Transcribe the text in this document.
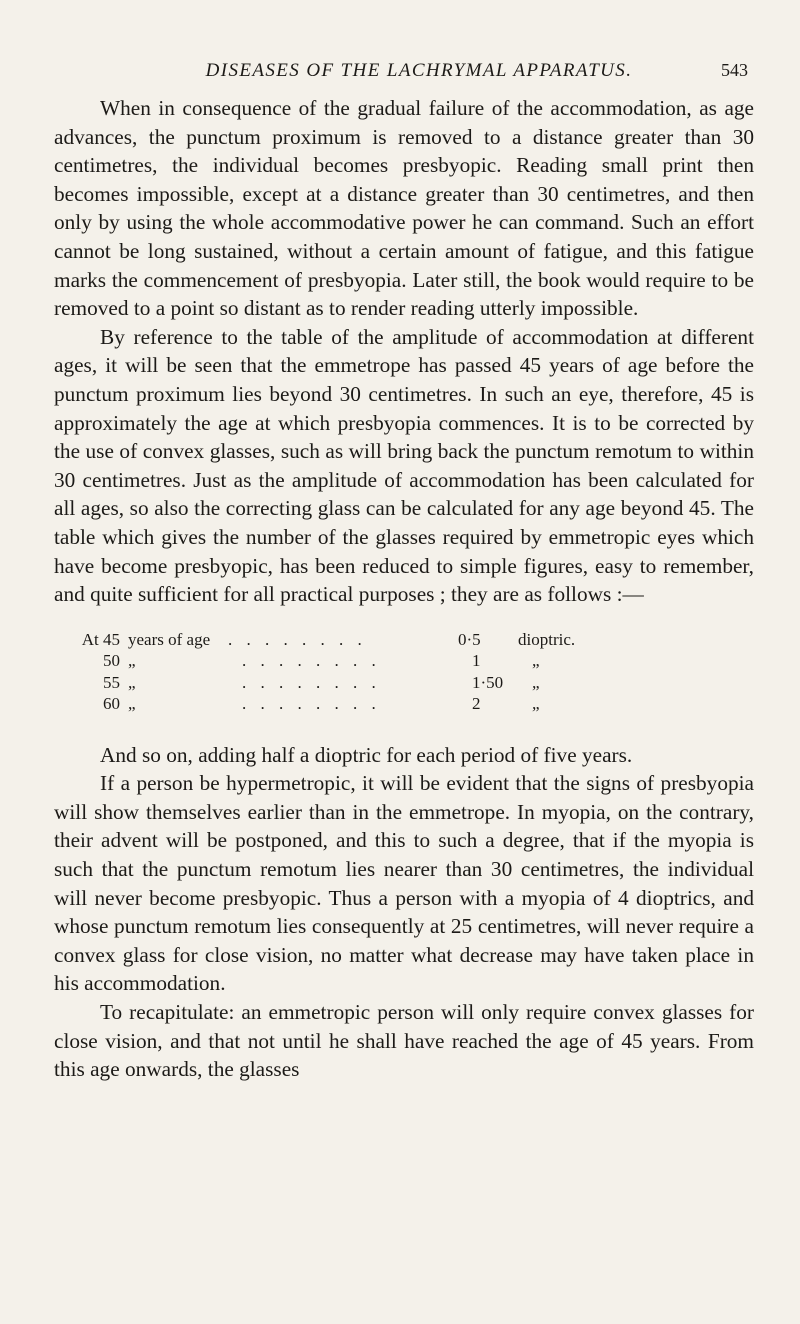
DISEASES OF THE LACHRYMAL APPARATUS.	543

When in consequence of the gradual failure of the accommodation, as age advances, the punctum proximum is removed to a distance greater than 30 centimetres, the individual becomes presbyopic. Reading small print then becomes impossible, except at a distance greater than 30 centimetres, and then only by using the whole accommodative power he can command. Such an effort cannot be long sustained, without a certain amount of fatigue, and this fatigue marks the commencement of presbyopia. Later still, the book would require to be removed to a point so distant as to render reading utterly impossible.

By reference to the table of the amplitude of accommodation at different ages, it will be seen that the emmetrope has passed 45 years of age before the punctum proximum lies beyond 30 centimetres. In such an eye, therefore, 45 is approximately the age at which presbyopia commences. It is to be corrected by the use of convex glasses, such as will bring back the punctum remotum to within 30 centimetres. Just as the amplitude of accommodation has been calculated for all ages, so also the correcting glass can be calculated for any age beyond 45. The table which gives the number of the glasses required by emmetropic eyes which have become presbyopic, has been reduced to simple figures, easy to remember, and quite sufficient for all practical purposes ; they are as follows :—

At 45 years of age	. . . . . . . .	0·5	dioptric.
50 „	. . . . . . . .	1	„
55 „	. . . . . . . .	1·50	„
60 „	. . . . . . . .	2	„

And so on, adding half a dioptric for each period of five years.

If a person be hypermetropic, it will be evident that the signs of presbyopia will show themselves earlier than in the emmetrope. In myopia, on the contrary, their advent will be postponed, and this to such a degree, that if the myopia is such that the punctum remotum lies nearer than 30 centimetres, the individual will never become presbyopic. Thus a person with a myopia of 4 dioptrics, and whose punctum remotum lies consequently at 25 centimetres, will never require a convex glass for close vision, no matter what decrease may have taken place in his accommodation.

To recapitulate: an emmetropic person will only require convex glasses for close vision, and that not until he shall have reached the age of 45 years. From this age onwards, the glasses
